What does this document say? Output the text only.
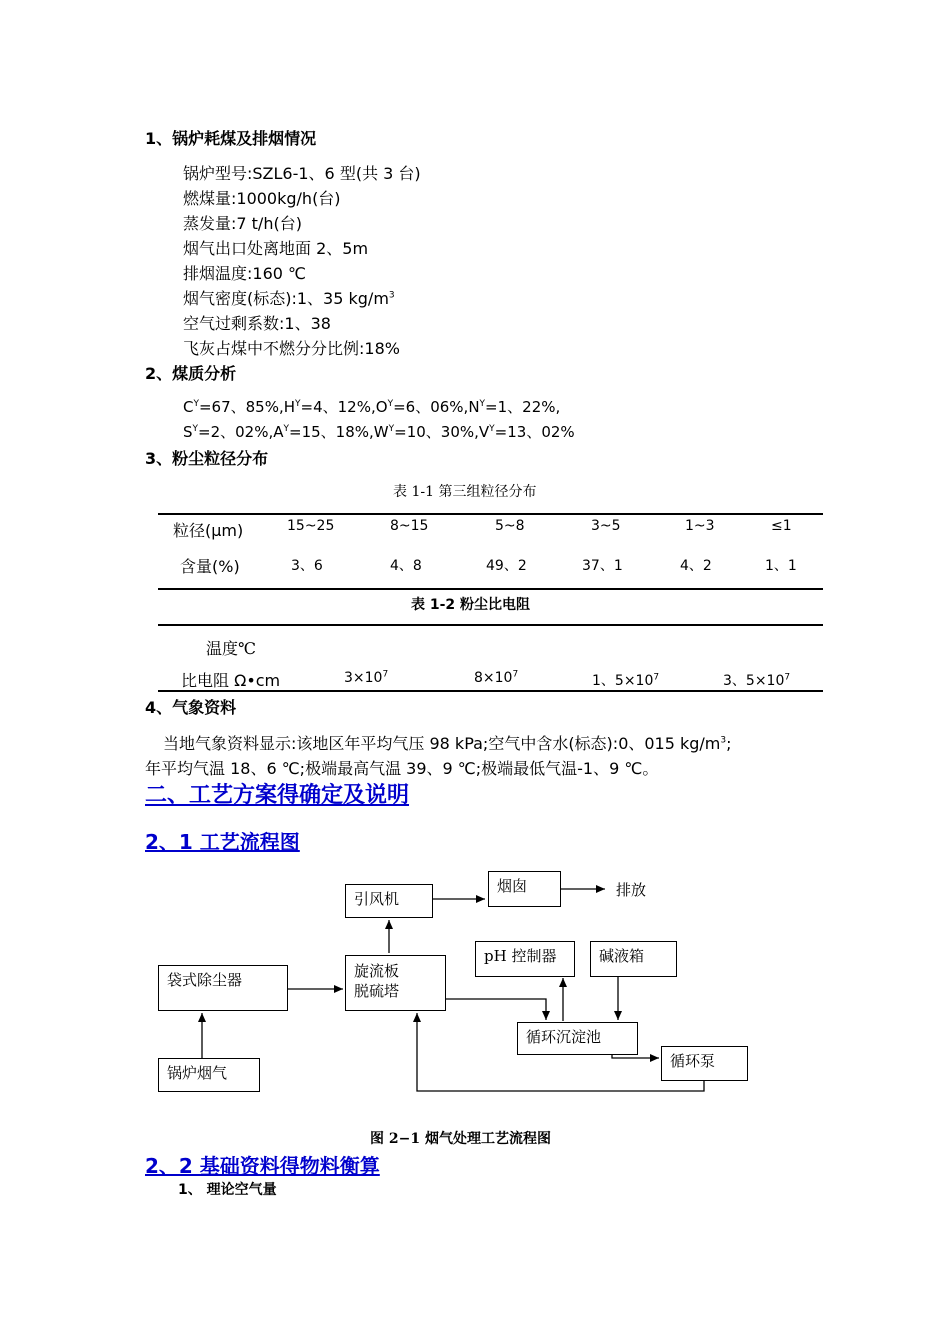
1、锅炉耗煤及排烟情况
锅炉型号:SZL6-1、6 型(共 3 台)
燃煤量:1000kg/h(台)
蒸发量:7 t/h(台)
烟气出口处离地面 2、5m
排烟温度:160 ℃
烟气密度(标态):1、35 $kg/m^3$
空气过剩系数:1、38
飞灰占煤中不燃分分比例:18%
2、煤质分析
$C^Y=67$、$85\%,H^Y=4$、$12\%,O^Y=6$、$06\%,N^Y=1$、22%,
$S^Y=2$、$02\%,A^Y=15$、$18\%,W^Y=10$、$30\%,V^Y=13$、02%
3、粉尘粒径分布
表 1-1 第三组粒径分布
粒径(μm)	15~25	8~15	5~8	3~5	1~3	≤1
含量(%)	3、6	4、8	49、2	37、1	4、2	1、1
表 1-2 粉尘比电阻
温度℃
比电阻 Ω•cm	$3\times 10^7$	$8\times 10^7$	1、$5\times 10^7$	3、$5\times 10^7$
4、气象资料
当地气象资料显示:该地区年平均气压 98 kPa;空气中含水(标态):0、015 $kg/m^3$;
年平均气温 18、6 ℃;极端最高气温 39、9 ℃;极端最低气温-1、9 ℃。
二、工艺方案得确定及说明
2、1 工艺流程图
引风机
烟囱	排放
袋式除尘器	旋流板
脱硫塔
pH 控制器	碱液箱
循环沉淀池
循环泵
锅炉烟气
图 2−1 烟气处理工艺流程图
2、2 基础资料得物料衡算
1、 理论空气量
